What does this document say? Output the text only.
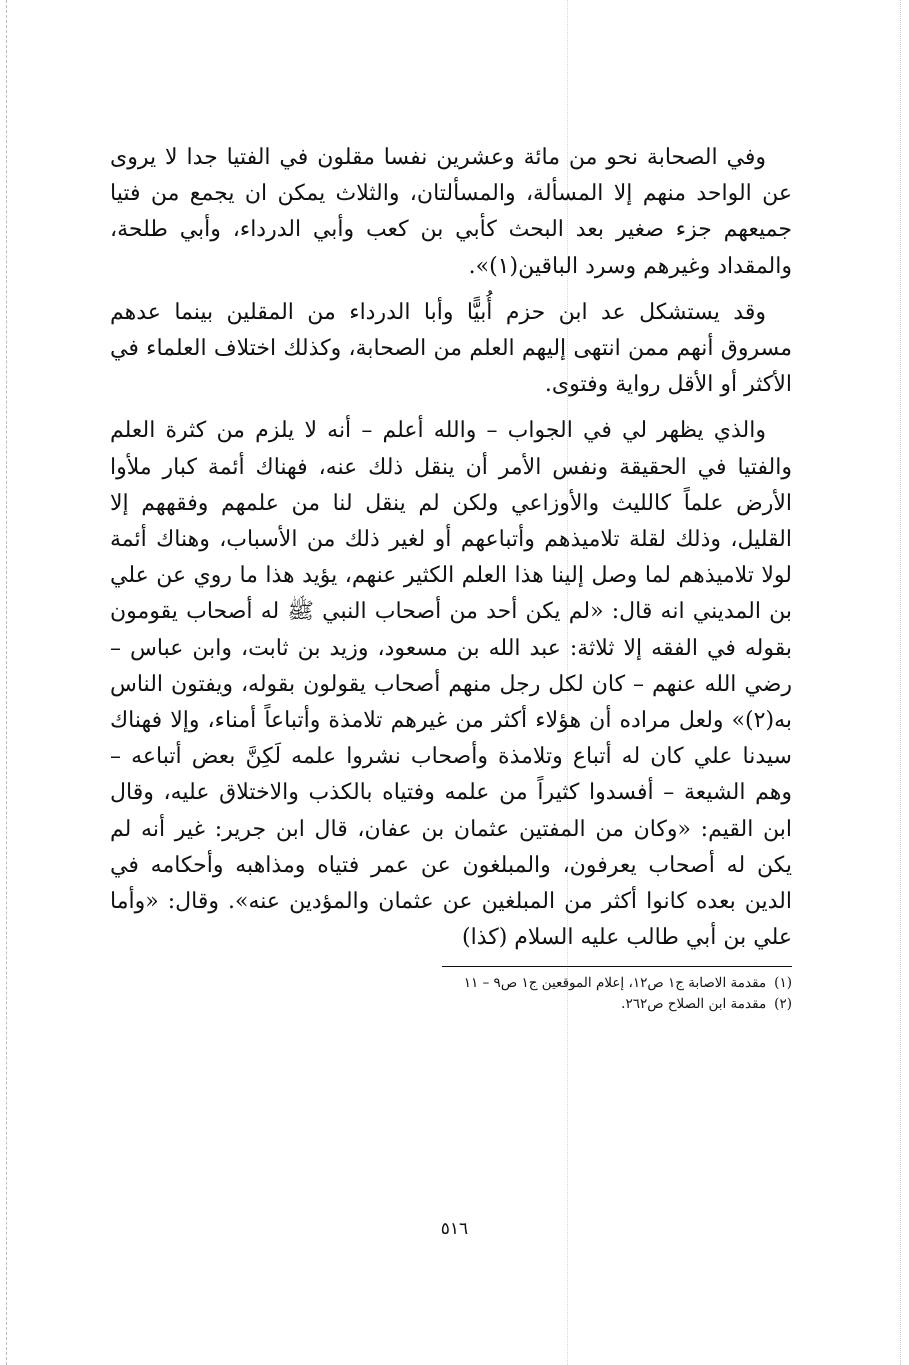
وفي الصحابة نحو من مائة وعشرين نفسا مقلون في الفتيا جدا لا يروى عن الواحد منهم إلا المسألة، والمسألتان، والثلاث يمكن ان يجمع من فتيا جميعهم جزء صغير بعد البحث كأبي بن كعب وأبي الدرداء، وأبي طلحة، والمقداد وغيرهم وسرد الباقين(١)».

وقد يستشكل عد ابن حزم أُبيًّا وأبا الدرداء من المقلين بينما عدهم مسروق أنهم ممن انتهى إليهم العلم من الصحابة، وكذلك اختلاف العلماء في الأكثر أو الأقل رواية وفتوى.

والذي يظهر لي في الجواب – والله أعلم – أنه لا يلزم من كثرة العلم والفتيا في الحقيقة ونفس الأمر أن ينقل ذلك عنه، فهناك أئمة كبار ملأوا الأرض علماً كالليث والأوزاعي ولكن لم ينقل لنا من علمهم وفقههم إلا القليل، وذلك لقلة تلاميذهم وأتباعهم أو لغير ذلك من الأسباب، وهناك أئمة لولا تلاميذهم لما وصل إلينا هذا العلم الكثير عنهم، يؤيد هذا ما روي عن علي بن المديني انه قال: «لم يكن أحد من أصحاب النبي ﷺ له أصحاب يقومون بقوله في الفقه إلا ثلاثة: عبد الله بن مسعود، وزيد بن ثابت، وابن عباس – رضي الله عنهم – كان لكل رجل منهم أصحاب يقولون بقوله، ويفتون الناس به(٢)» ولعل مراده أن هؤلاء أكثر من غيرهم تلامذة وأتباعاً أمناء، وإلا فهناك سيدنا علي كان له أتباع وتلامذة وأصحاب نشروا علمه لَكِنَّ بعض أتباعه – وهم الشيعة – أفسدوا كثيراً من علمه وفتياه بالكذب والاختلاق عليه، وقال ابن القيم: «وكان من المفتين عثمان بن عفان، قال ابن جرير: غير أنه لم يكن له أصحاب يعرفون، والمبلغون عن عمر فتياه ومذاهبه وأحكامه في الدين بعده كانوا أكثر من المبلغين عن عثمان والمؤدين عنه». وقال: «وأما علي بن أبي طالب عليه السلام (كذا)

(١)مقدمة الاصابة ج١ ص١٢، إعلام الموقعين ج١ ص٩ – ١١
(٢)مقدمة ابن الصلاح ص٢٦٢.
٥١٦
